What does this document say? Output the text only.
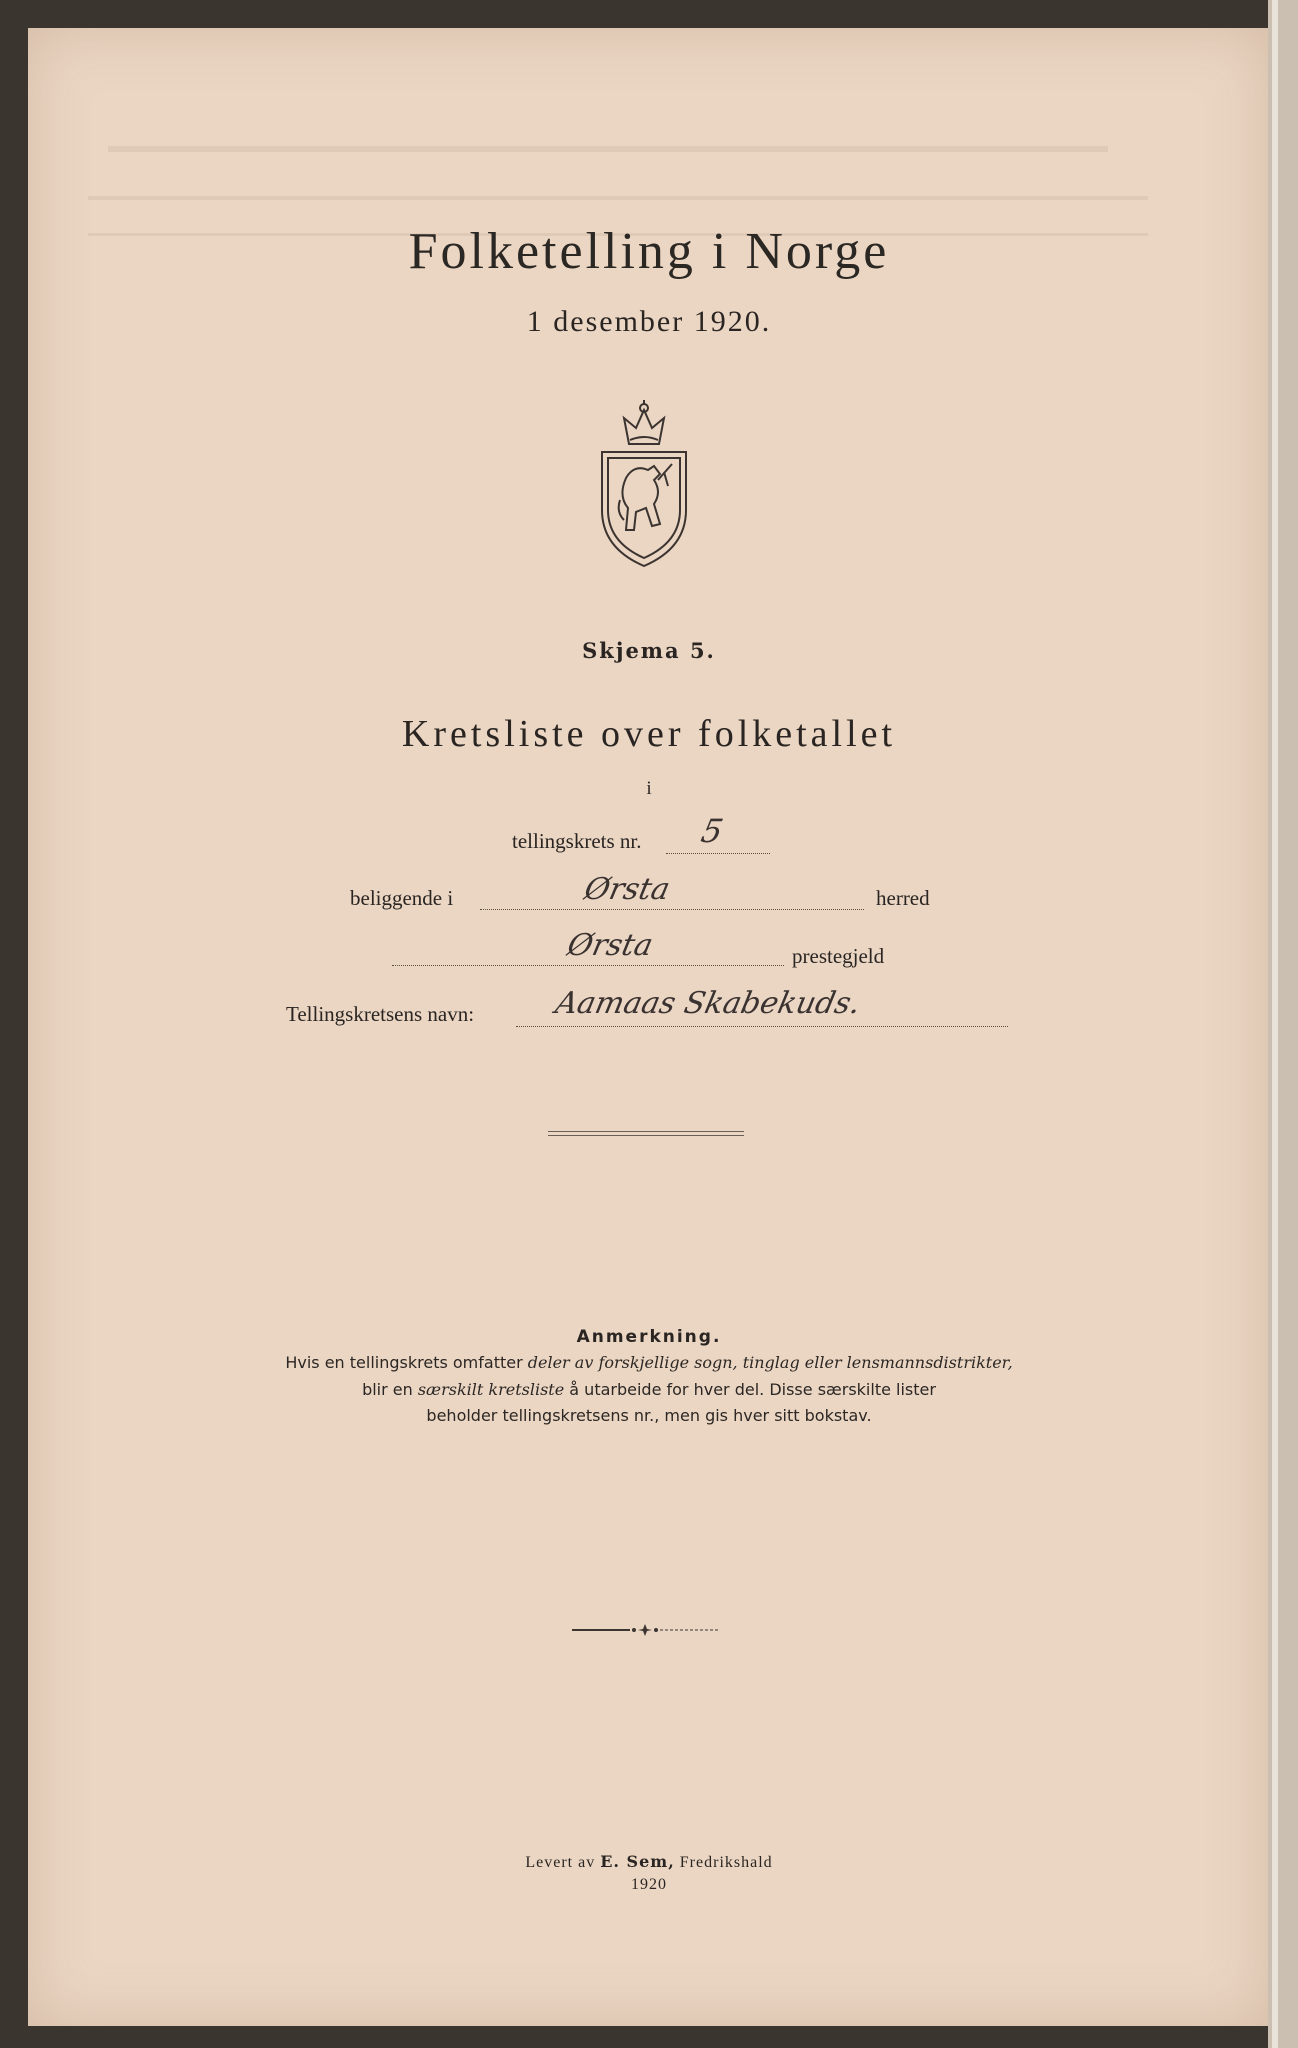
Folketelling i Norge
1 desember 1920.
Skjema 5.
Kretsliste over folketallet
i
tellingskrets nr. 5
beliggende i	Ørsta	herred
Ørsta	prestegjeld
Tellingskretsens navn:	Aamaas Skabekuds.
Anmerkning.
Hvis en tellingskrets omfatter deler av forskjellige sogn, tinglag eller lensmannsdistrikter,
blir en særskilt kretsliste å utarbeide for hver del. Disse særskilte lister
beholder tellingskretsens nr., men gis hver sitt bokstav.
Levert av E. Sem, Fredrikshald
1920
